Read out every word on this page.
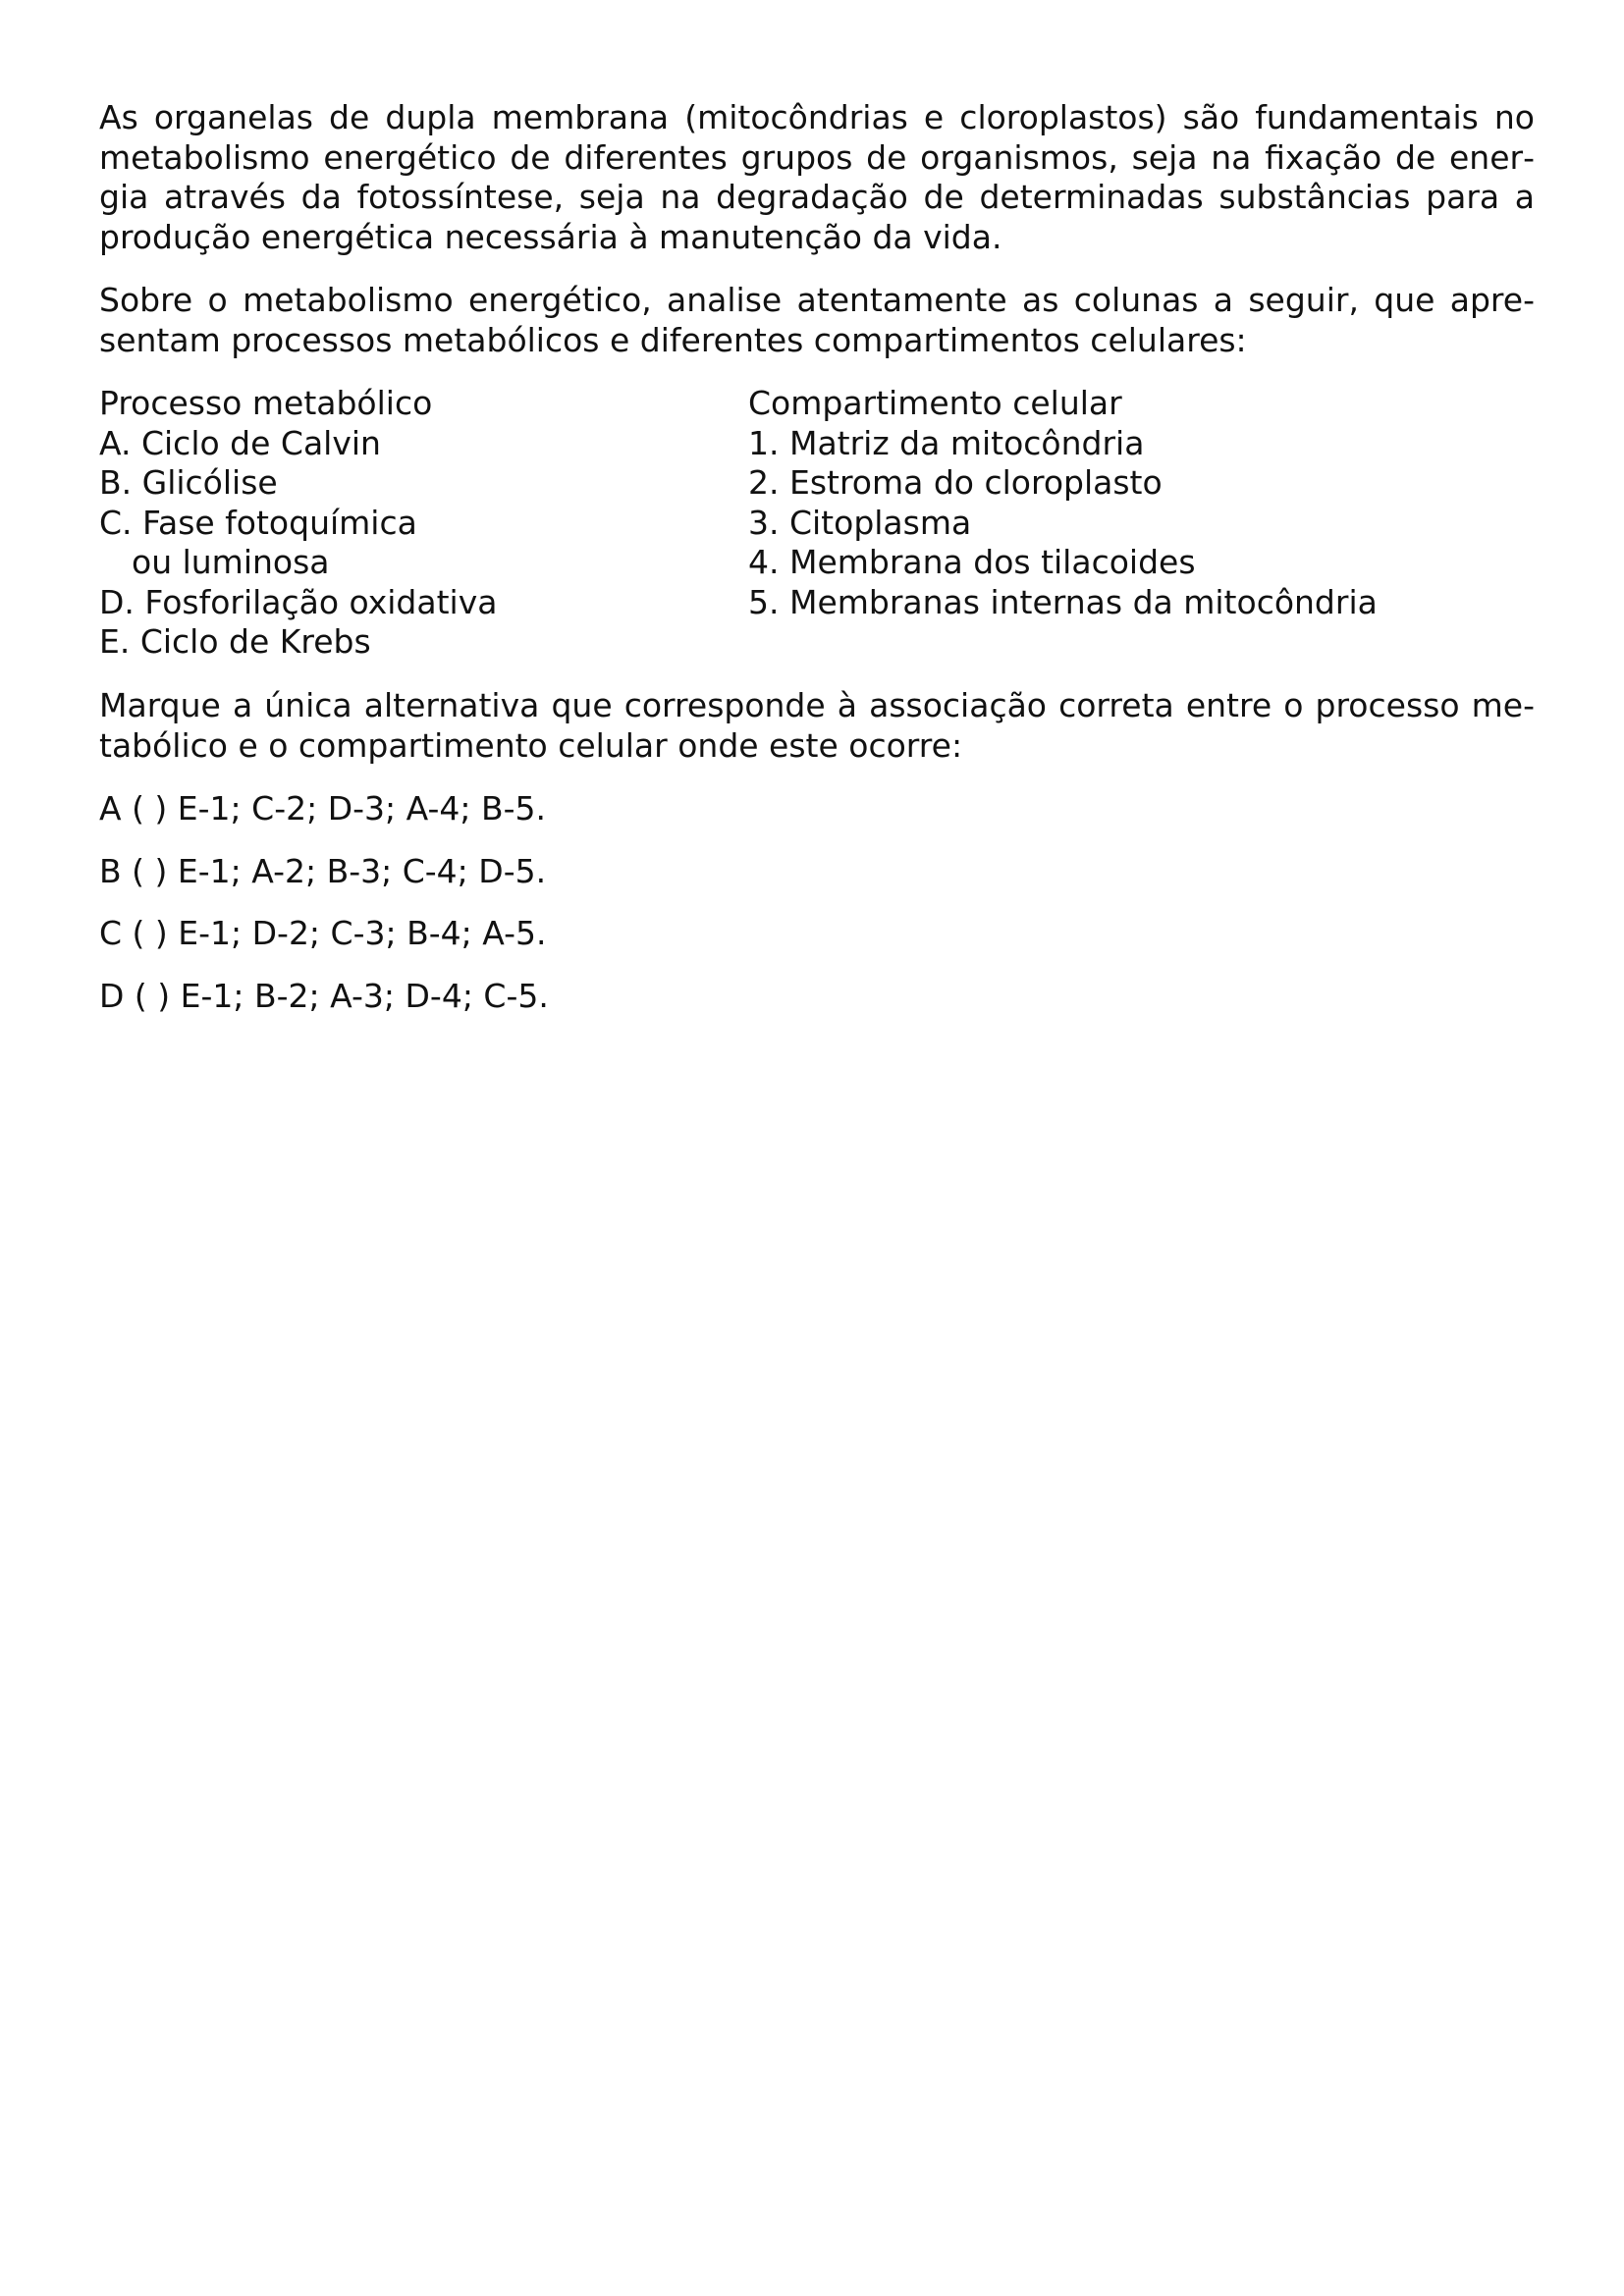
As organelas de dupla membrana (mitocôndrias e cloroplastos) são fundamentais no metabolismo energético de diferentes grupos de organismos, seja na fixação de energia através da fotossíntese, seja na degradação de determinadas substâncias para a produção energética necessária à manutenção da vida.

Sobre o metabolismo energético, analise atentamente as colunas a seguir, que apresentam processos metabólicos e diferentes compartimentos celulares:

Processo metabólico
A. Ciclo de Calvin
B. Glicólise
C. Fase fotoquímica
ou luminosa
D. Fosforilação oxidativa
E. Ciclo de Krebs
Compartimento celular
1. Matriz da mitocôndria
2. Estroma do cloroplasto
3. Citoplasma
4. Membrana dos tilacoides
5. Membranas internas da mitocôndria

Marque a única alternativa que corresponde à associação correta entre o processo metabólico e o compartimento celular onde este ocorre:

A ( ) E-1; C-2; D-3; A-4; B-5.
B ( ) E-1; A-2; B-3; C-4; D-5.
C ( ) E-1; D-2; C-3; B-4; A-5.
D ( ) E-1; B-2; A-3; D-4; C-5.
